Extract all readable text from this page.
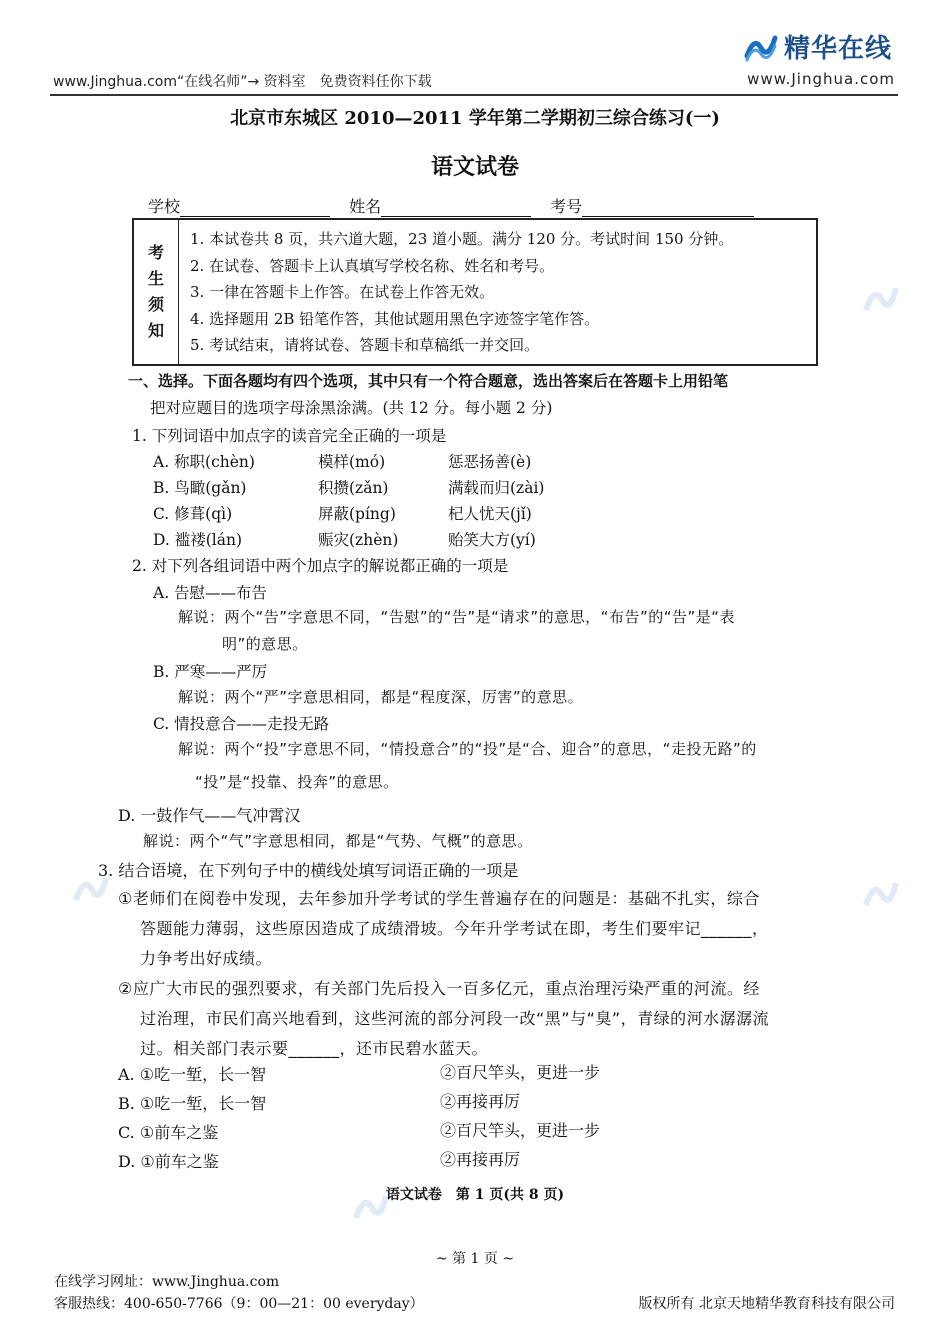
www.Jinghua.com“在线名师”→ 资料室　免费资料任你下载
精华在线
www.Jinghua.com
北京市东城区 2010—2011 学年第二学期初三综合练习(一)
语文试卷
学校	姓名	考号
考
生
须
知
1. 本试卷共 8 页，共六道大题，23 道小题。满分 120 分。考试时间 150 分钟。
2. 在试卷、答题卡上认真填写学校名称、姓名和考号。
3. 一律在答题卡上作答。在试卷上作答无效。
4. 选择题用 2B 铅笔作答，其他试题用黑色字迹签字笔作答。
5. 考试结束，请将试卷、答题卡和草稿纸一并交回。
一、选择。下面各题均有四个选项，其中只有一个符合题意，选出答案后在答题卡上用铅笔
把对应题目的选项字母涂黑涂满。(共 12 分。每小题 2 分)
1. 下列词语中加点字的读音完全正确的一项是
A. 称职(chèn)	模样(mó)	惩恶扬善(è)
B. 鸟瞰(gǎn)	积攒(zǎn)	满载而归(zài)
C. 修葺(qì)	屏蔽(píng)	杞人忧天(jǐ)
D. 褴褛(lán)	赈灾(zhèn)	贻笑大方(yí)
2. 对下列各组词语中两个加点字的解说都正确的一项是
A. 告慰——布告
解说：两个“告”字意思不同，“告慰”的“告”是“请求”的意思，“布告”的“告”是“表
明”的意思。
B. 严寒——严厉
解说：两个“严”字意思相同，都是“程度深，厉害”的意思。
C. 情投意合——走投无路
解说：两个“投”字意思不同，“情投意合”的“投”是“合、迎合”的意思，“走投无路”的
“投”是“投靠、投奔”的意思。
D. 一鼓作气——气冲霄汉
解说：两个“气”字意思相同，都是“气势、气概”的意思。
3. 结合语境，在下列句子中的横线处填写词语正确的一项是
①老师们在阅卷中发现，去年参加升学考试的学生普遍存在的问题是：基础不扎实，综合
答题能力薄弱，这些原因造成了成绩滑坡。今年升学考试在即，考生们要牢记______，
力争考出好成绩。
②应广大市民的强烈要求，有关部门先后投入一百多亿元，重点治理污染严重的河流。经
过治理，市民们高兴地看到，这些河流的部分河段一改“黑”与“臭”，青绿的河水潺潺流
过。相关部门表示要______，还市民碧水蓝天。
A. ①吃一堑，长一智	②百尺竿头，更进一步
B. ①吃一堑，长一智	②再接再厉
C. ①前车之鉴	②百尺竿头，更进一步
D. ①前车之鉴	②再接再厉
语文试卷　第 1 页(共 8 页)
~ 第 1 页 ~
在线学习网址：www.Jinghua.com
客服热线：400-650-7766（9：00—21：00 everyday）	版权所有 北京天地精华教育科技有限公司
